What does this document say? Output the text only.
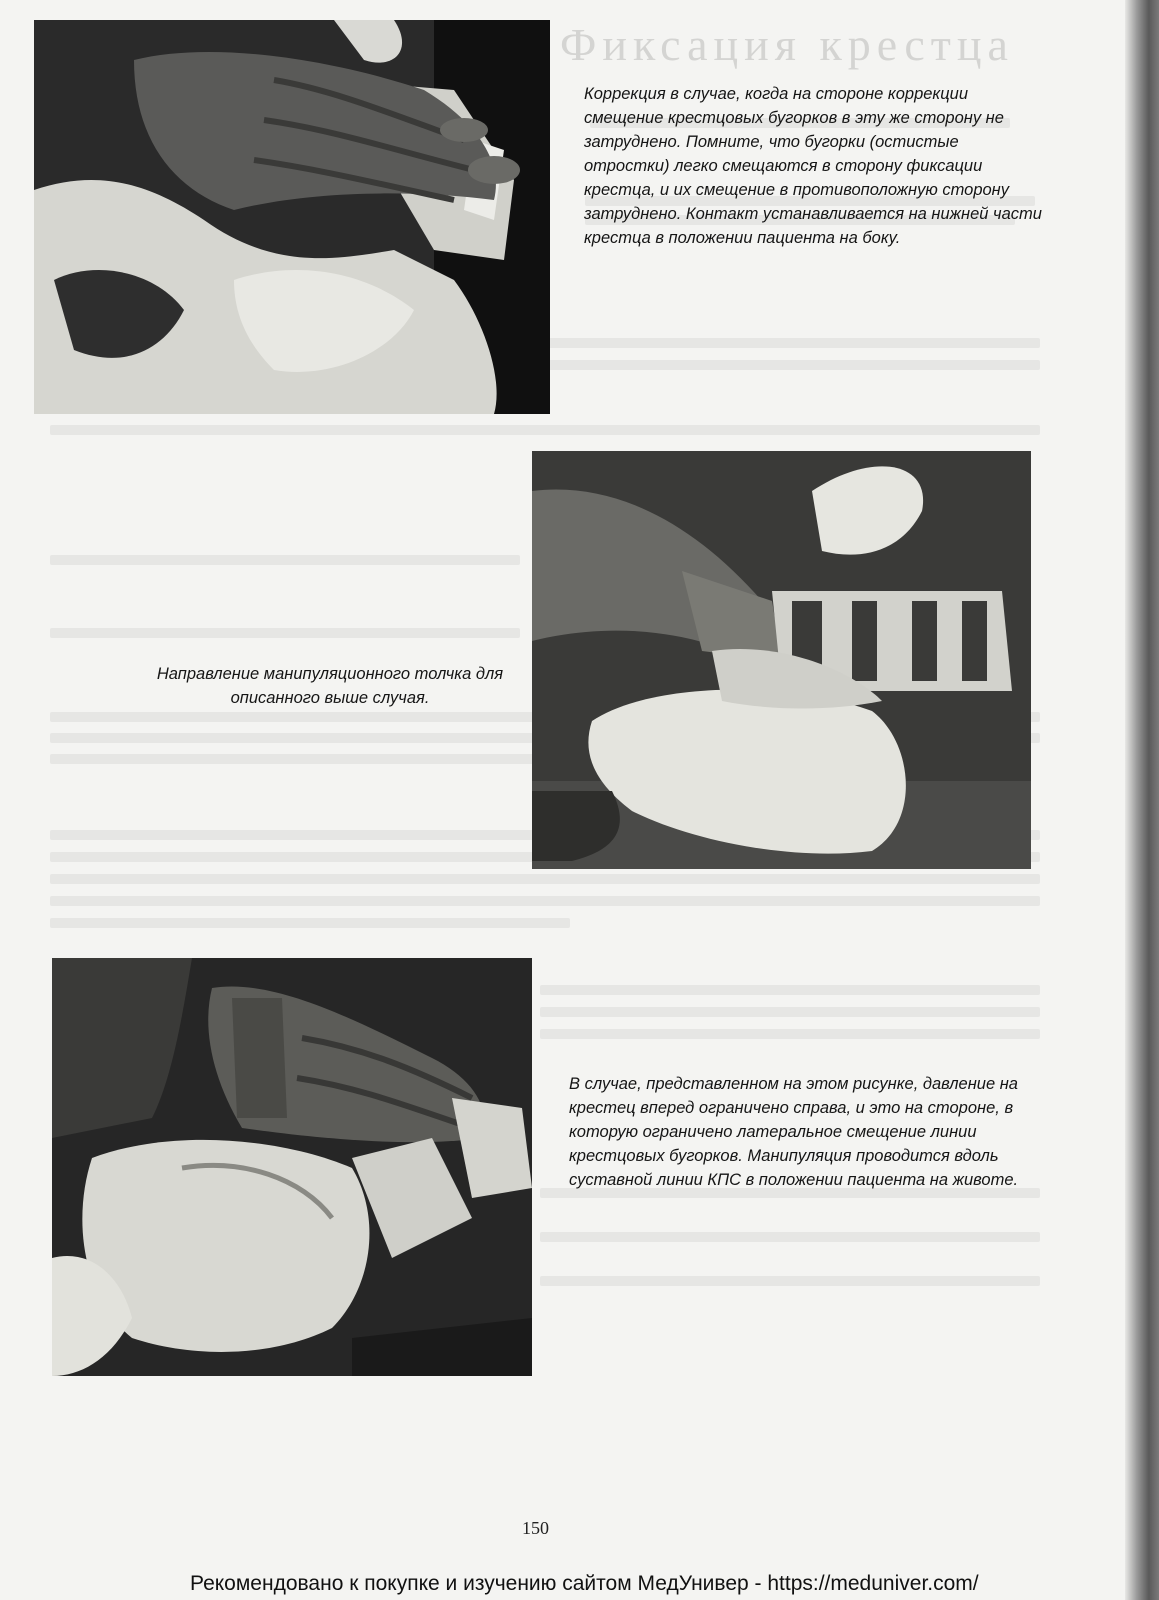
Фиксация крестца
Коррекция в случае, когда на стороне коррекции смещение крестцовых бугорков в эту же сторону не затруднено. Помните, что бугорки (остистые отростки) легко смещаются в сторону фиксации крестца, и их смещение в противоположную сторону затруднено. Контакт устанавливается на нижней части крестца в положении пациента на боку.
Направление манипуляционного толчка для описанного выше случая.
В случае, представленном на этом рисунке, давление на крестец вперед ограничено справа, и это на стороне, в которую ограничено латеральное смещение линии крестцовых бугорков. Манипуляция проводится вдоль суставной линии КПС в положении пациента на животе.
150
Рекомендовано к покупке и изучению сайтом МедУнивер - https://meduniver.com/
